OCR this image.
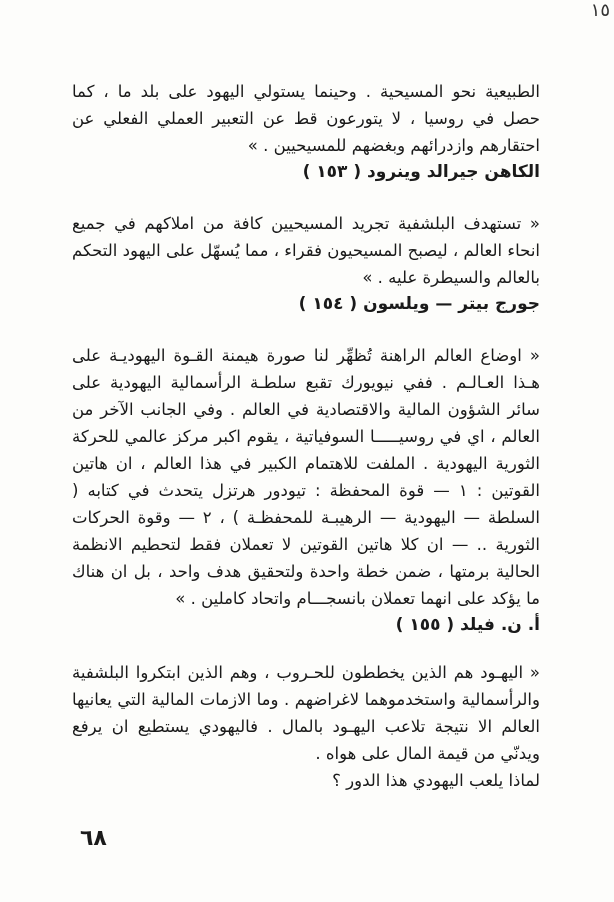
١٥

الطبيعية نحو المسيحية . وحينما يستولي اليهود على بلد ما ، كما حصل في روسيا ، لا يتورعون قط عن التعبير العملي الفعلي عن احتقارهم وازدرائهم وبغضهم للمسيحيين . »

الكاهن جيرالد وينرود ( ١٥٣ )

« تستهدف البلشفية تجريد المسيحيين كافة من املاكهم في جميع انحاء العالم ، ليصبح المسيحيون فقراء ، مما يُسهّل على اليهود التحكم بالعالم والسيطرة عليه . »

جورج بيتر — ويلسون ( ١٥٤ )

« اوضاع العالم الراهنة تُظهِّر لنا صورة هيمنة القـوة اليهوديـة على هـذا العـالـم . ففي نيويورك تقبع سلطـة الرأسمالية اليهودية على سائر الشؤون المالية والاقتصادية في العالم . وفي الجانب الآخر من العالم ، اي في روسيـــــا السوفياتية ، يقوم اكبر مركز عالمي للحركة الثورية اليهودية . الملفت للاهتمام الكبير في هذا العالم ، ان هاتين القوتين : ١ — قوة المحفظة : تيودور هرتزل يتحدث في كتابه ( السلطة — اليهودية — الرهيبـة للمحفظـة ) ، ٢ — وقوة الحركات الثورية .. — ان كلا هاتين القوتين لا تعملان فقط لتحطيم الانظمة الحالية برمتها ، ضمن خطة واحدة ولتحقيق هدف واحد ، بل ان هناك ما يؤكد على انهما تعملان بانسجـــام واتحاد كاملين . »

أ. ن. فيلد ( ١٥٥ )

« اليهـود هم الذين يخططون للحـروب ، وهم الذين ابتكروا البلشفية والرأسمالية واستخدموهما لاغراضهم . وما الازمات المالية التي يعانيها العالم الا نتيجة تلاعب اليهـود بالمال . فاليهودي يستطيع ان يرفع ويدنّي من قيمة المال على هواه .

لماذا يلعب اليهودي هذا الدور ؟

٦٨
